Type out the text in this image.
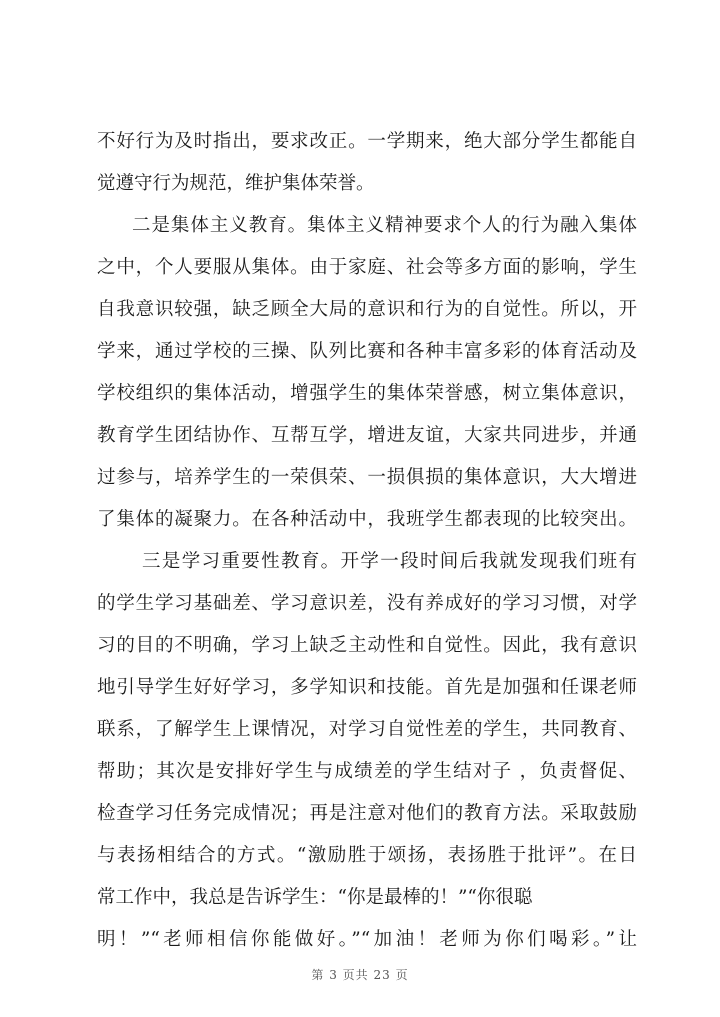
不好行为及时指出，要求改正。一学期来，绝大部分学生都能自
觉遵守行为规范，维护集体荣誉。
二是集体主义教育。集体主义精神要求个人的行为融入集体
之中，个人要服从集体。由于家庭、社会等多方面的影响，学生
自我意识较强，缺乏顾全大局的意识和行为的自觉性。所以，开
学来，通过学校的三操、队列比赛和各种丰富多彩的体育活动及
学校组织的集体活动，增强学生的集体荣誉感，树立集体意识，
教育学生团结协作、互帮互学，增进友谊，大家共同进步，并通
过参与，培养学生的一荣俱荣、一损俱损的集体意识，大大增进
了集体的凝聚力。在各种活动中，我班学生都表现的比较突出。
三是学习重要性教育。开学一段时间后我就发现我们班有
的学生学习基础差、学习意识差，没有养成好的学习习惯，对学
习的目的不明确，学习上缺乏主动性和自觉性。因此，我有意识
地引导学生好好学习，多学知识和技能。首先是加强和任课老师
联系，了解学生上课情况，对学习自觉性差的学生，共同教育、
帮助；其次是安排好学生与成绩差的学生结对子 ，负责督促、
检查学习任务完成情况；再是注意对他们的教育方法。采取鼓励
与表扬相结合的方式。“激励胜于颂扬，表扬胜于批评”。在日
常工作中，我总是告诉学生：“你是最棒的！”“你很聪
明！”“老师相信你能做好。”“加油！老师为你们喝彩。”让
第 3 页共 23 页
